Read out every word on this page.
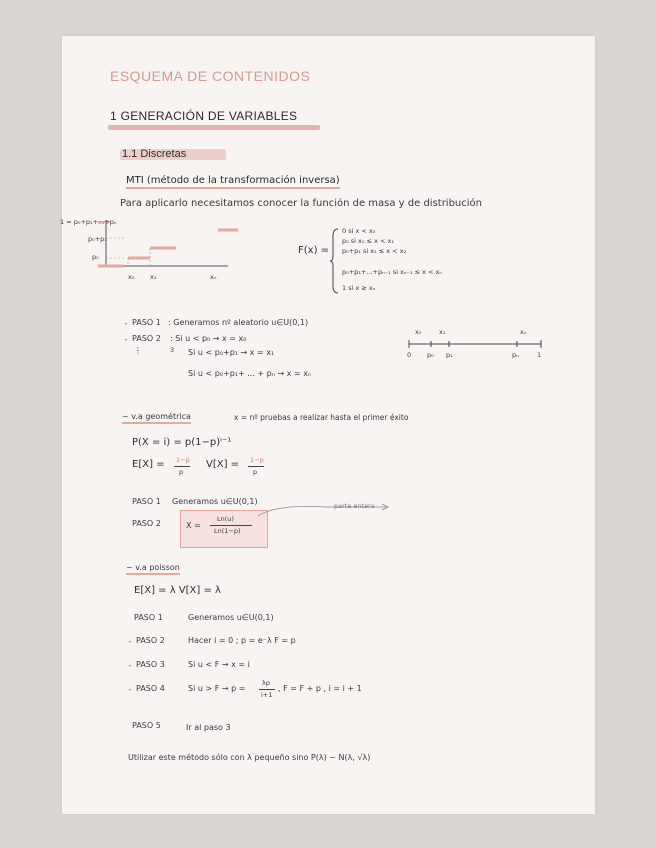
ESQUEMA DE CONTENIDOS
1 GENERACIÓN DE VARIABLES
1.1 Discretas
MTI (método de la transformación inversa)
Para aplicarlo necesitamos conocer la función de masa y de distribución
1 = p₀+p₁+...+pₙ
p₀+p₁
p₀
x₀ x₁	xₙ
F(x) =
0 si x < x₀
p₀ si x₀ ≤ x < x₁
p₀+p₁ si x₁ ≤ x < x₂
p₀+p₁+...+pₙ₋₁ si xₙ₋₁ ≤ x < xₙ
1 si x ≥ xₙ
• PASO 1 : Generamos nº aleatorio u∈U(0,1)
• PASO 2 : Si u < p₀ → x = x₀
⋮	3 Si u < p₀+p₁ → x = x₁
Si u < p₀+p₁+ ... + pₙ → x = xₙ
x₀	x₁	xₙ
0 p₀ p₁	pₙ	1
~ v.a geométrica	x = nº pruebas a realizar hasta el primer éxito
P(X = i) = p(1−p)ⁱ⁻¹
E[X] = 1−p
p
V[X] = 1−p
p
PASO 1 Generamos u∈U(0,1)
PASO 2	X =
Ln(u)
Ln(1−p)
parte entera
~ v.a poisson
E[X] = λ V[X] = λ
PASO 1	Generamos u∈U(0,1)
• PASO 2	Hacer i = 0 ; p = e⁻λ F = p
• PASO 3	Si u < F → x = i
• PASO 4	Si u > F → p =
λp
i+1
, F = F + p , i = i + 1
PASO 5	Ir al paso 3
Utilizar este método sólo con λ pequeño sino P(λ) ~ N(λ, √λ)
